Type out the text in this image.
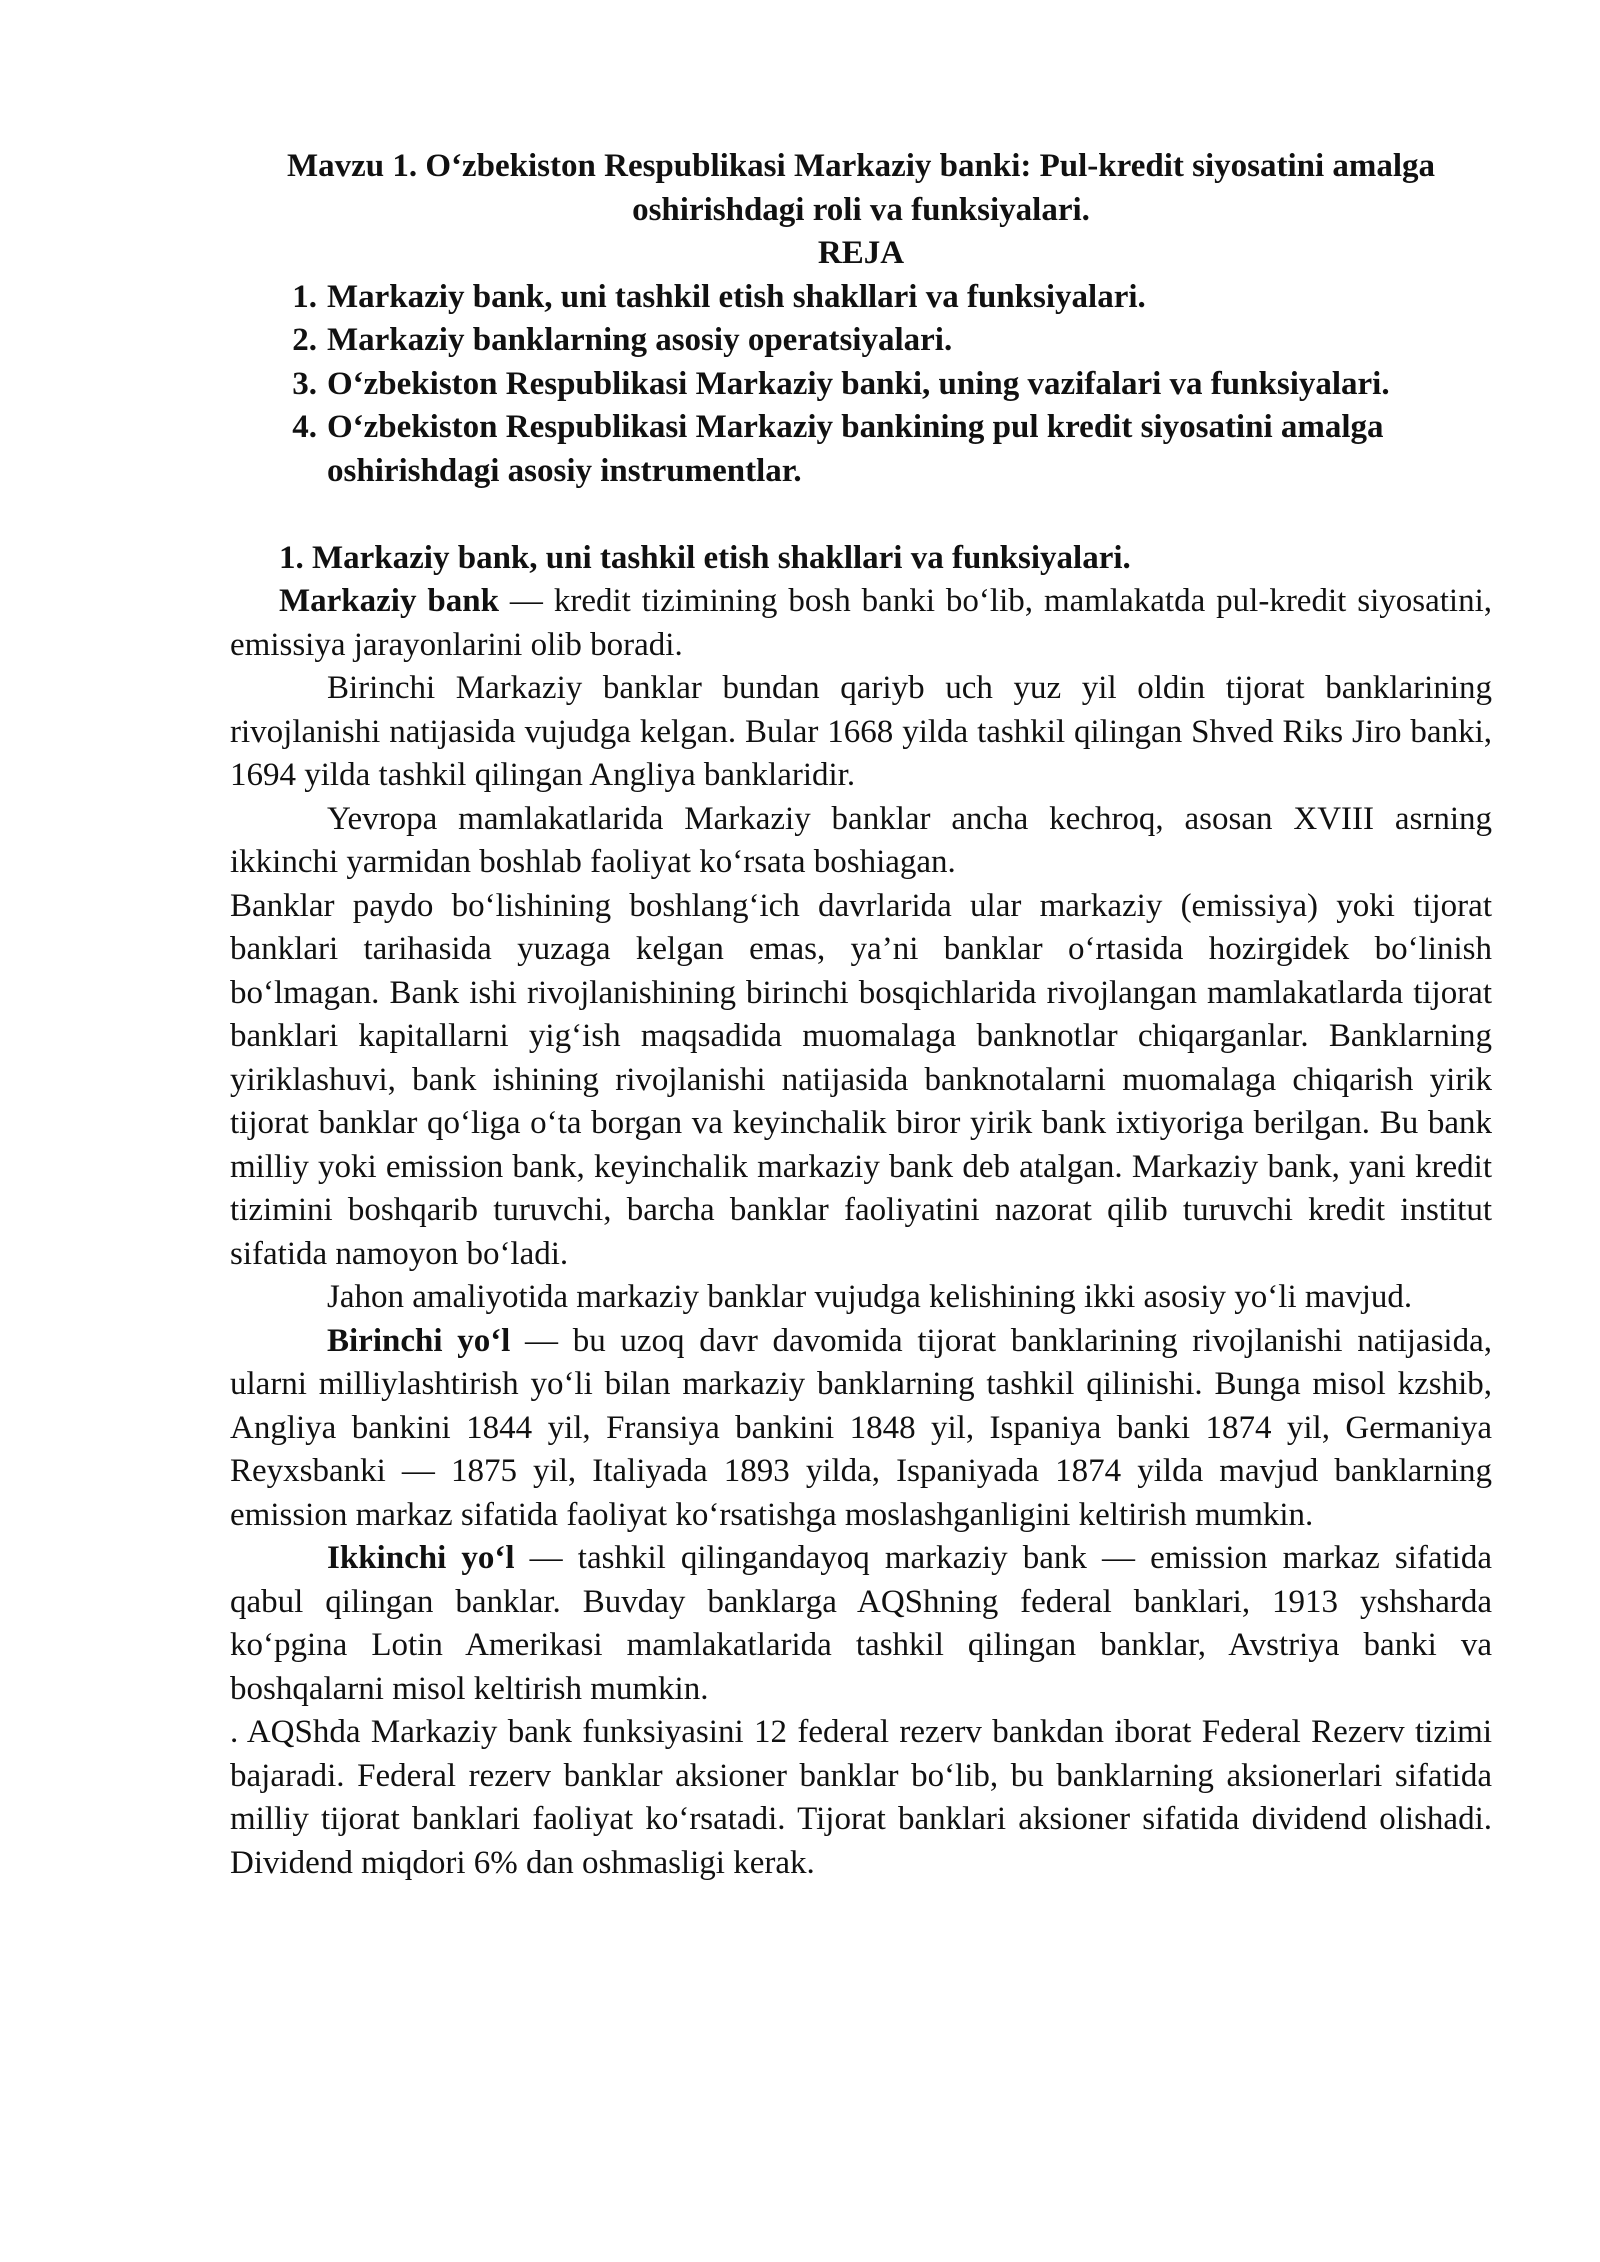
Mavzu 1. O‘zbekiston Respublikasi Markaziy banki: Pul-kredit siyosatini amalga oshirishdagi roli va funksiyalari.
REJA
1. Markaziy bank, uni tashkil etish shakllari va funksiyalari.
2. Markaziy banklarning asosiy operatsiyalari.
3. O‘zbekiston Respublikasi Markaziy banki, uning vazifalari va funksiyalari.
4. O‘zbekiston Respublikasi Markaziy bankining pul kredit siyosatini amalga oshirishdagi asosiy instrumentlar.
1. Markaziy bank, uni tashkil etish shakllari va funksiyalari.

Markaziy bank — kredit tizimining bosh banki bo‘lib, mamlakatda pul-kredit siyosatini, emissiya jarayonlarini olib boradi.

Birinchi Markaziy banklar bundan qariyb uch yuz yil oldin tijorat banklarining rivojlanishi natijasida vujudga kelgan. Bular 1668 yilda tashkil qilingan Shved Riks Jiro banki, 1694 yilda tashkil qilingan Angliya banklaridir.

Yevropa mamlakatlarida Markaziy banklar ancha kechroq, asosan XVIII asrning ikkinchi yarmidan boshlab faoliyat ko‘rsata boshiagan.

Banklar paydo bo‘lishining boshlang‘ich davrlarida ular markaziy (emissiya) yoki tijorat banklari tarihasida yuzaga kelgan emas, ya’ni banklar o‘rtasida hozirgidek bo‘linish bo‘lmagan. Bank ishi rivojlanishining birinchi bosqichlarida rivojlangan mamlakatlarda tijorat banklari kapitallarni yig‘ish maqsadida muomalaga banknotlar chiqarganlar. Banklarning yiriklashuvi, bank ishining rivojlanishi natijasida banknotalarni muomalaga chiqarish yirik tijorat banklar qo‘liga o‘ta borgan va keyinchalik biror yirik bank ixtiyoriga berilgan. Bu bank milliy yoki emission bank, keyinchalik markaziy bank deb atalgan. Markaziy bank, yani kredit tizimini boshqarib turuvchi, barcha banklar faoliyatini nazorat qilib turuvchi kredit institut sifatida namoyon bo‘ladi.

Jahon amaliyotida markaziy banklar vujudga kelishining ikki asosiy yo‘li mavjud.

Birinchi yo‘l — bu uzoq davr davomida tijorat banklarining rivojlanishi natijasida, ularni milliylashtirish yo‘li bilan markaziy banklarning tashkil qilinishi. Bunga misol kzshib, Angliya bankini 1844 yil, Fransiya bankini 1848 yil, Ispaniya banki 1874 yil, Germaniya Reyxsbanki — 1875 yil, Italiyada 1893 yilda, Ispaniyada 1874 yilda mavjud banklarning emission markaz sifatida faoliyat ko‘rsatishga moslashganligini keltirish mumkin.

Ikkinchi yo‘l — tashkil qilingandayoq markaziy bank — emission markaz sifatida qabul qilingan banklar. Buvday banklarga AQShning federal banklari, 1913 yshsharda ko‘pgina Lotin Amerikasi mamlakatlarida tashkil qilingan banklar, Avstriya banki va boshqalarni misol keltirish mumkin.

. AQShda Markaziy bank funksiyasini 12 federal rezerv bankdan iborat Federal Rezerv tizimi bajaradi. Federal rezerv banklar aksioner banklar bo‘lib, bu banklarning aksionerlari sifatida milliy tijorat banklari faoliyat ko‘rsatadi. Tijorat banklari aksioner sifatida dividend olishadi. Dividend miqdori 6% dan oshmasligi kerak.
